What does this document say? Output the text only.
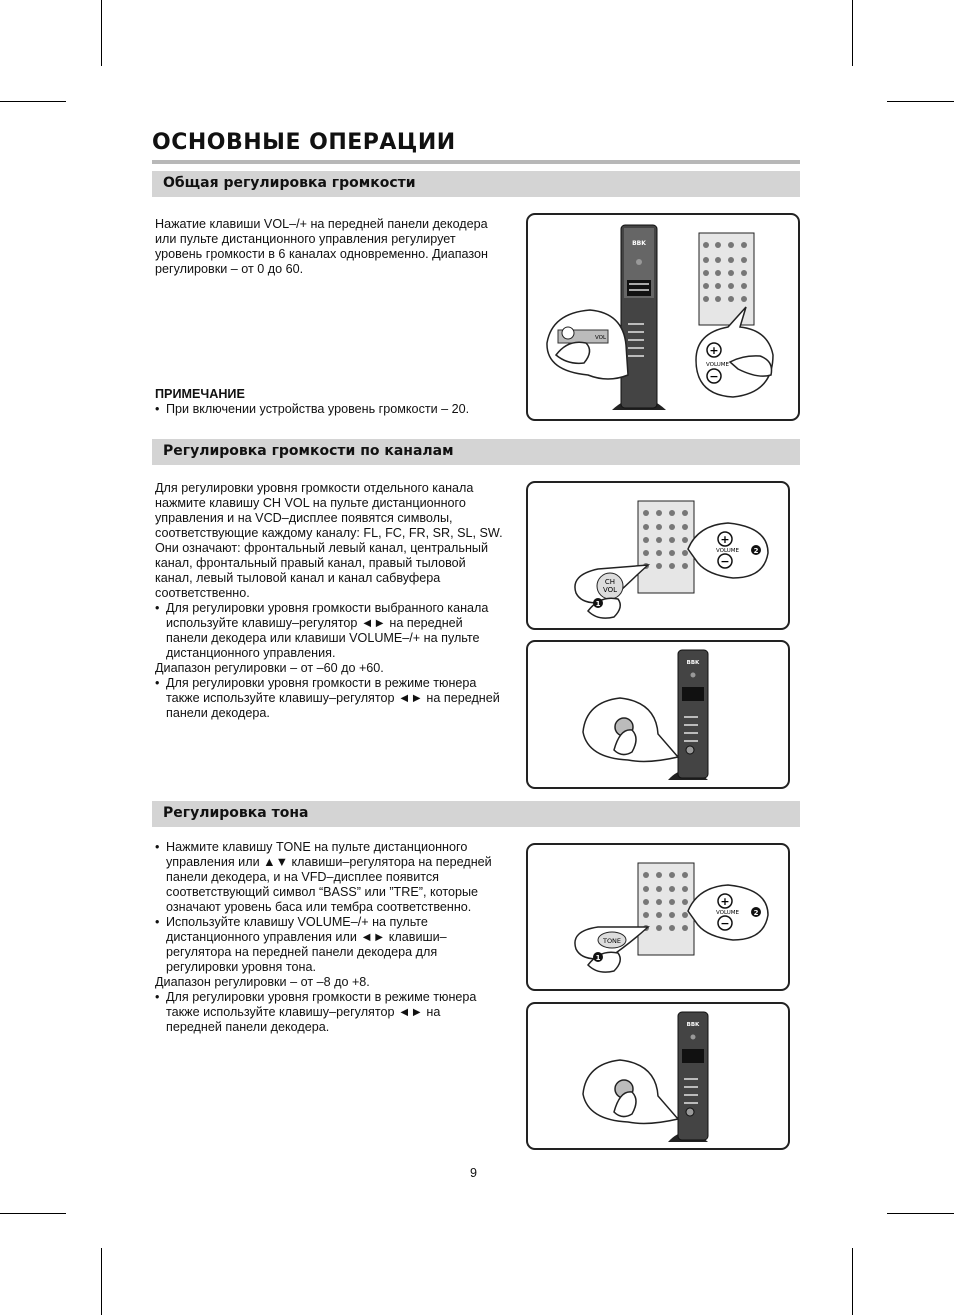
ОСНОВНЫЕ ОПЕРАЦИИ
Общая регулировка громкости

Нажатие клавиши VOL–/+ на передней панели декодера или пульте дистанционного управления регулирует уровень громкости в 6 каналах одновременно. Диапазон регулировки – от 0 до 60.

ПРИМЕЧАНИЕ

• При включении устройства уровень громкости – 20.

BBK
+
VOLUME
−
VOL
Регулировка громкости по каналам

Для регулировки уровня громкости отдельного канала нажмите клавишу CH VOL на пульте дистанционного управления и на VCD–дисплее появятся символы, соответствующие каждому каналу: FL, FC, FR, SR, SL, SW. Они означают: фронтальный левый канал, центральный канал, фронтальный правый канал, правый тыловой канал, левый тыловой канал и канал сабвуфера соответственно.

• Для регулировки уровня громкости выбранного канала используйте клавишу–регулятор ◄► на передней панели декодера или клавиши VOLUME–/+ на пульте дистанционного управления.

Диапазон регулировки – от –60 до +60.

• Для регулировки уровня громкости в режиме тюнера также используйте клавишу–регулятор ◄► на передней панели декодера.

+
VOLUME
−
2
CH
VOL
1
BBK
Регулировка тона

• Нажмите клавишу TONE на пульте дистанционного управления или ▲▼ клавиши–регулятора на передней панели декодера, и на VFD–дисплее появится соответствующий символ “BASS” или ”TRE”, которые означают уровень баса или тембра соответственно.

• Используйте клавишу VOLUME–/+ на пульте дистанционного управления или ◄► клавиши–регулятора на передней панели декодера для регулировки уровня тона.

Диапазон регулировки – от –8 до +8.

• Для регулировки уровня громкости в режиме тюнера также используйте клавишу–регулятор ◄► на передней панели декодера.

+
VOLUME
−
2
TONE
1
BBK
9
